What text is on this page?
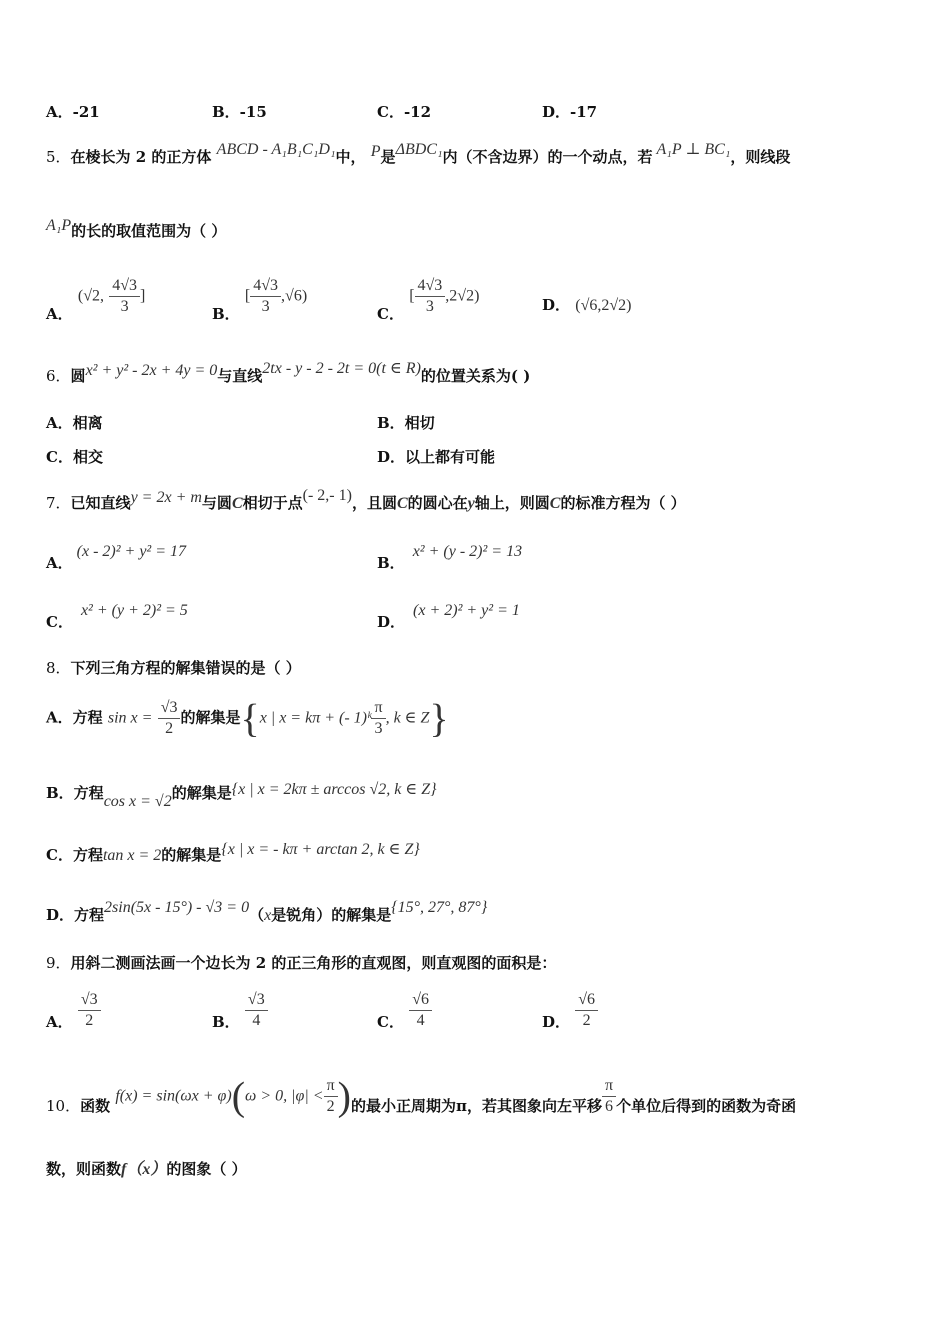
A．-21	B．-15	C．-12	D．-17
5．在棱长为 2 的正方体 ABCD - A₁B₁C₁D₁中， P是ΔBDC₁内（不含边界）的一个动点，若 A₁P ⊥ BC₁，则线段
A₁P的长的取值范围为（ ）
A． (√2, $\frac{4√3}{3}$ ]
B． [ $\frac{4√3}{3} ,√6$)
C． [ $\frac{4√3}{3} ,2√2$)	D． (√6,2√2)
6．圆x² + y² - 2x + 4y = 0与直线2tx - y - 2 - 2t = 0(t ∈ R)的位置关系为( )
A．相离	B．相切
C．相交	D．以上都有可能
7．已知直线y = 2x + m与圆C相切于点(- 2,- 1)，且圆C的圆心在y轴上，则圆C的标准方程为（ ）
A．(x - 2)² + y² = 17
B．x² + (y - 2)² = 13
C．x² + (y + 2)² = 5
D．(x + 2)² + y² = 1
8．下列三角方程的解集错误的是（ ）
A．方程 $\sin x = \frac{√3}{2}$ 的解集是{x | x = kπ + (- 1)ᵏ $\frac{\pi}{3}$ , k ∈ Z}
B．方程cos x = √2的解集是{x | x = 2kπ ± arccos √2, k ∈ Z}
C．方程tan x = 2的解集是{x | x = - kπ + arctan 2, k ∈ Z}
D．方程2sin(5x - 15°) - √3 = 0（x是锐角）的解集是{15°, 27°, 87°}
9．用斜二测画法画一个边长为 2 的正三角形的直观图，则直观图的面积是：
A． $\frac{√3}{2}$	B． $\frac{√3}{4}$	C． $\frac{√6}{4}$	D． $\frac{√6}{2}$
10．函数 f(x) = sin(ωx + φ)(ω > 0, $|\varphi| < \frac{\pi}{2}$ )的最小正周期为π，若其图象向左平移 $\frac{\pi}{6}$ 个单位后得到的函数为奇函
数，则函数f（x）的图象（ ）
